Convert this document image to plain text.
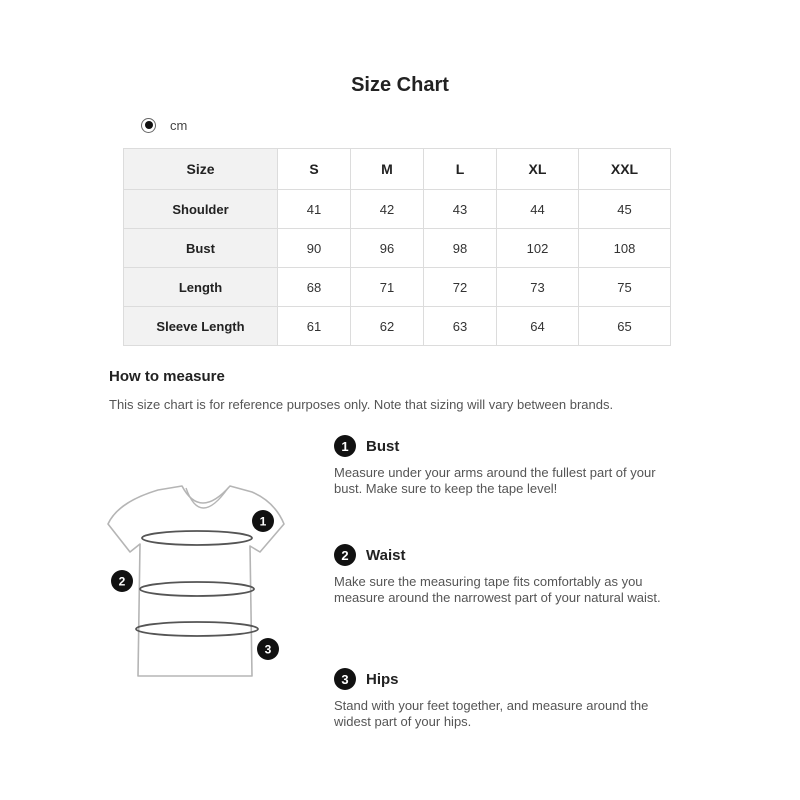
Size Chart
cm
Size	S	M	L	XL	XXL
Shoulder	41	42	43	44	45
Bust	90	96	98	102	108
Length	68	71	72	73	75
Sleeve Length	61	62	63	64	65
How to measure
This size chart is for reference purposes only. Note that sizing will vary between brands.
1
2
3
1	Bust
Measure under your arms around the fullest part of your bust. Make sure to keep the tape level!
2	Waist
Make sure the measuring tape fits comfortably as you measure around the narrowest part of your natural waist.
3	Hips
Stand with your feet together, and measure around the widest part of your hips.
